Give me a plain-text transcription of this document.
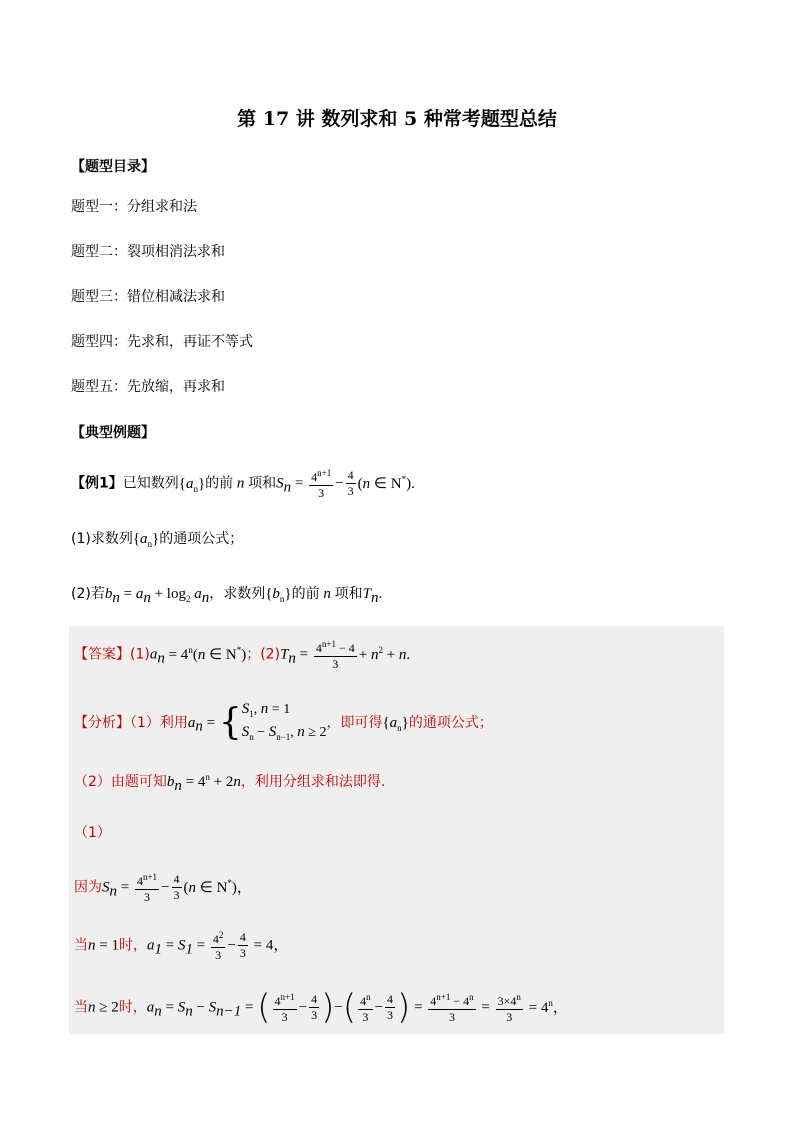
第 17 讲 数列求和 5 种常考题型总结
【题型目录】
题型一：分组求和法
题型二：裂项相消法求和
题型三：错位相减法求和
题型四：先求和，再证不等式
题型五：先放缩，再求和
【典型例题】
【例1】已知数列$\{a_n\}$的前 n 项和$S_n = \frac{4^{n+1}}{3} - \frac{4}{3} (n$ ∈ N*).
(1)求数列$\{a_n\}$的通项公式；
(2)若$b_n = a_n + \log_2 a_n$，求数列$\{b_n\}$的前 n 项和$T_n$.
【答案】$(1)a_n = 4^n(n$ ∈ N*)；$(2)T_n = \frac{4^{n+1} - 4}{3} + n^2 + n$.
【分析】（1）利用$a_n$ = { $S_1$, n = 1
$S_n - S_{n-1}$, n ≥ 2
，即可得$\{a_n\}$的通项公式；
（2）由题可知$b_n = 4^n + 2n$，利用分组求和法即得.
（1）
因为$S_n = \frac{4^{n+1}}{3} - \frac{4}{3} (n$ ∈ N*)，
当n = 1时，$a_1 = S_1 = \frac{4^2}{3} - \frac{4}{3} = 4$，
当n ≥ 2时，$a_n = S_n - S_{n-1}$ = ( $\frac{4^{n+1}}{3} - \frac{4}{3}$ )−( $\frac{4^n}{3} - \frac{4}{3}$ ) = $\frac{4^{n+1} - 4^n}{3} = \frac{3\times 4^n}{3} = 4^n$，
